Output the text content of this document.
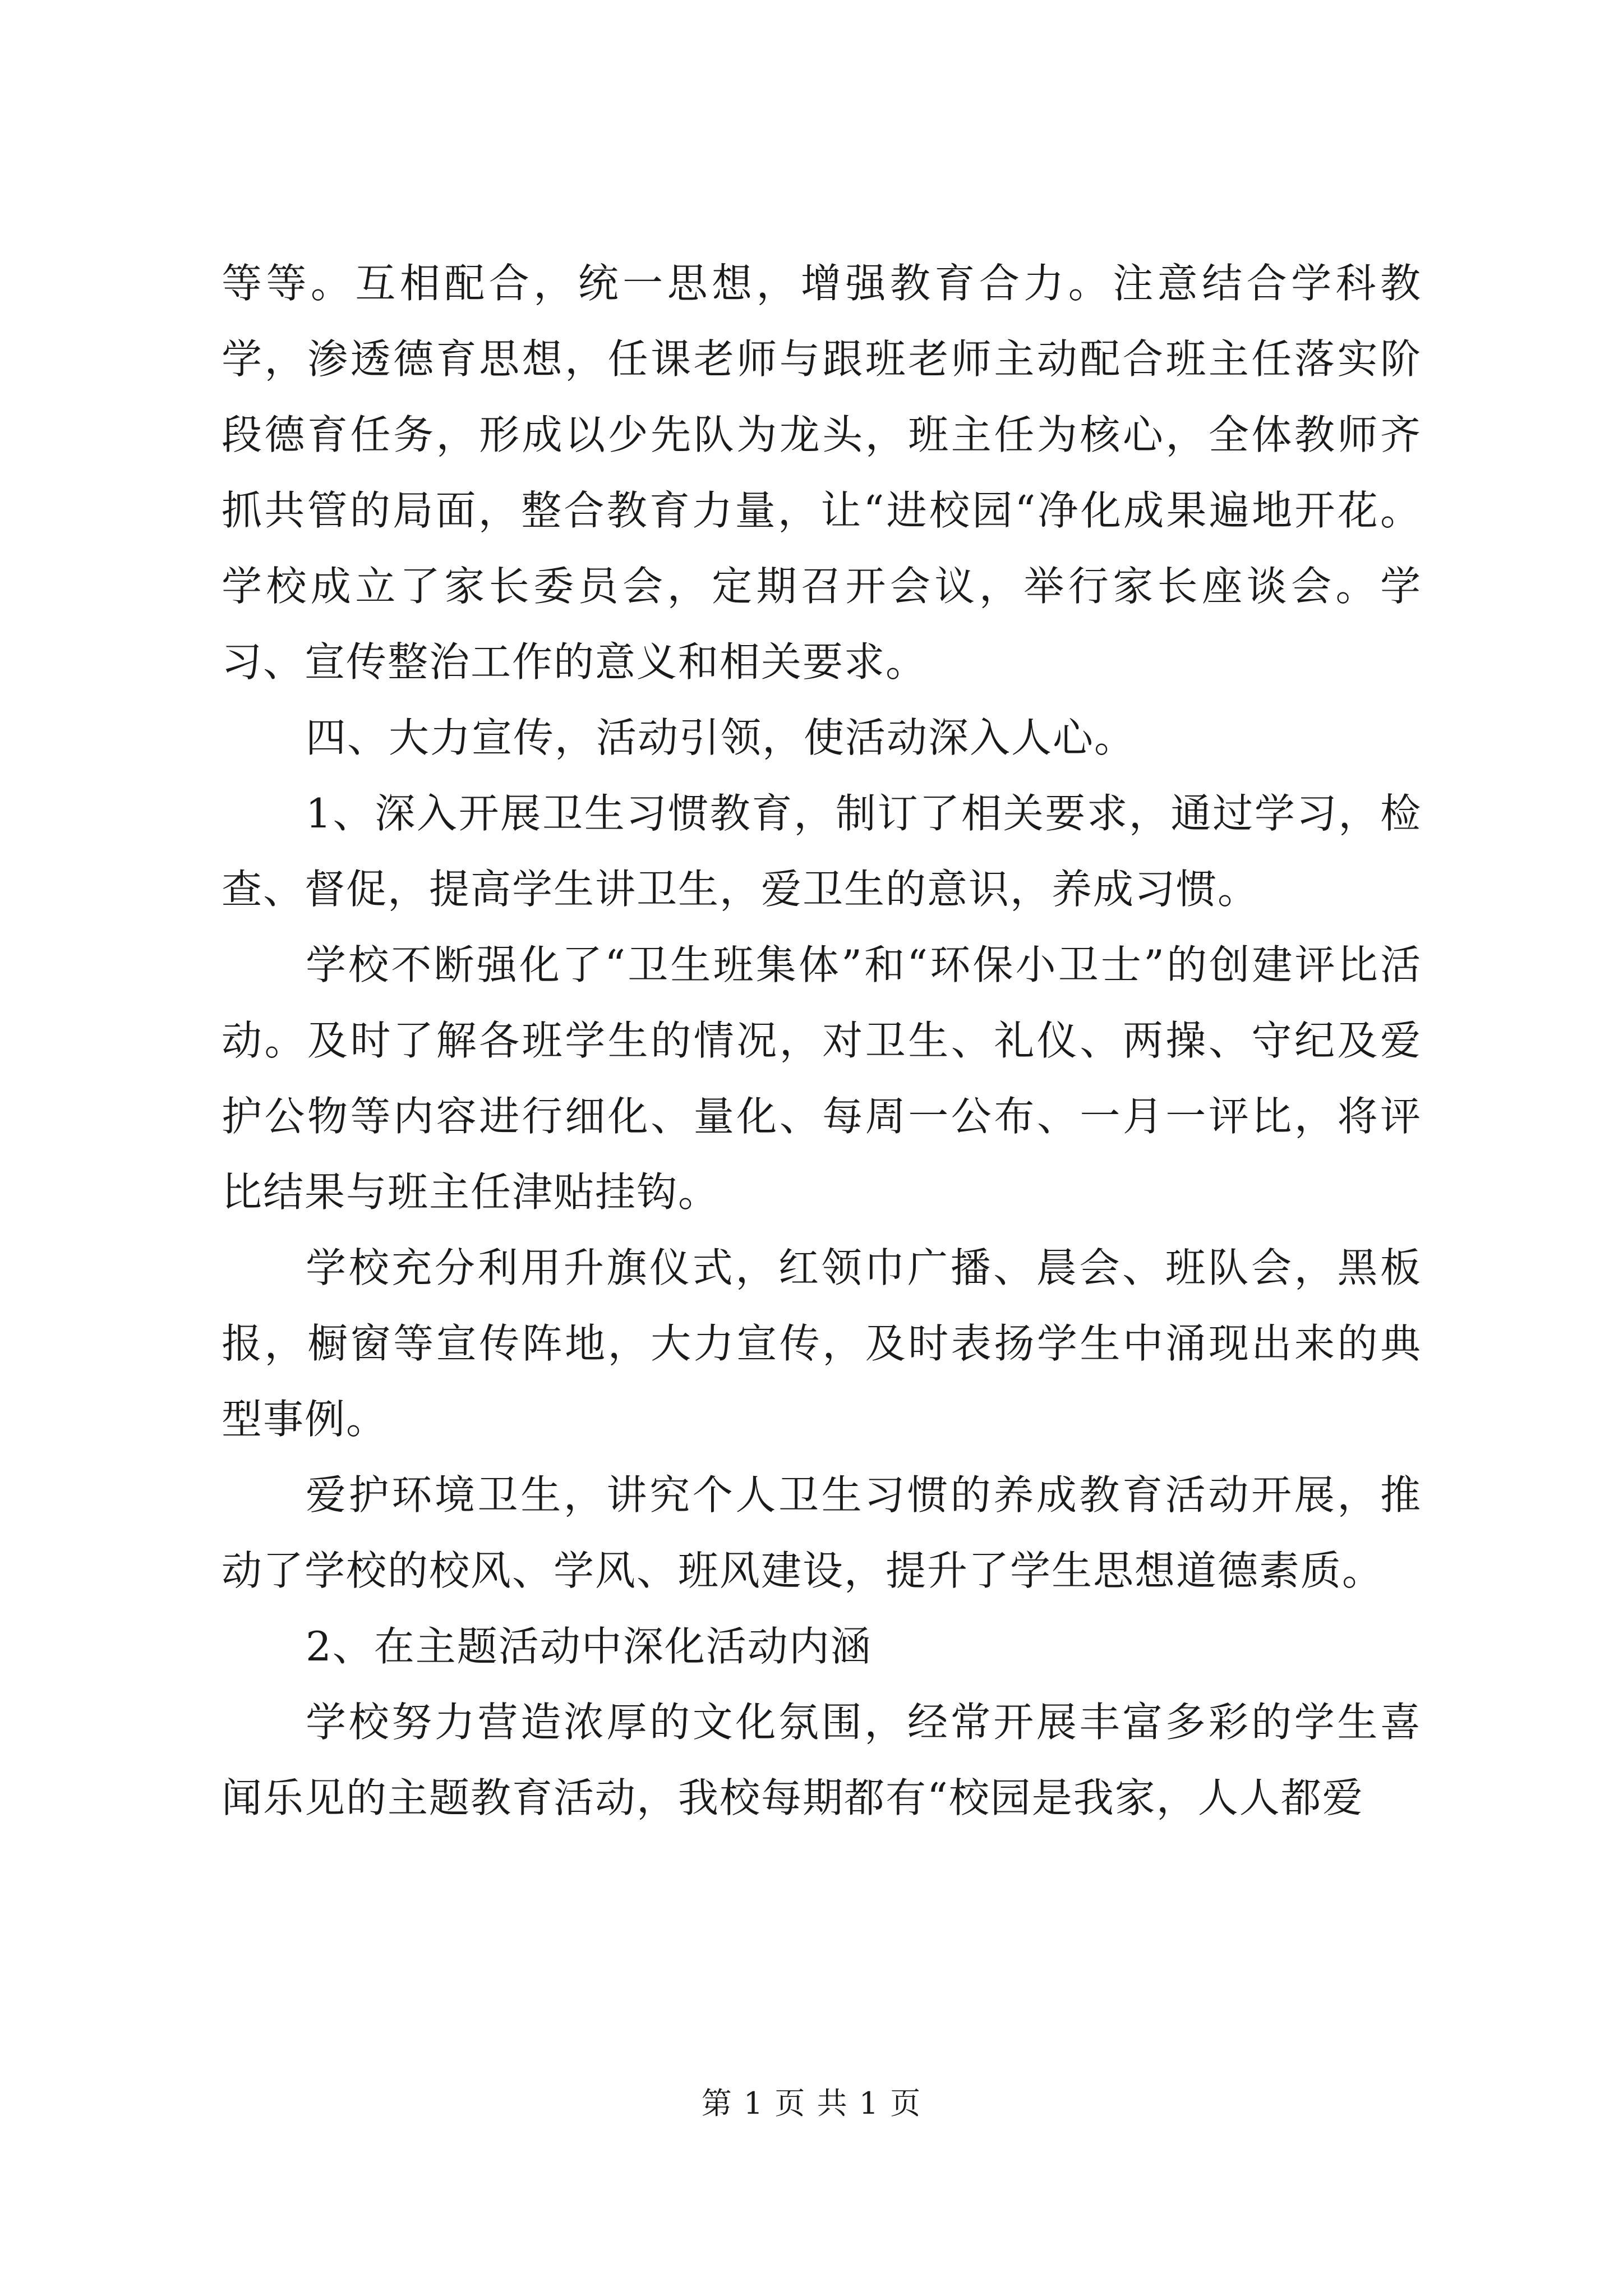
等等。互相配合，统一思想，增强教育合力。注意结合学科教学，渗透德育思想，任课老师与跟班老师主动配合班主任落实阶段德育任务，形成以少先队为龙头，班主任为核心，全体教师齐抓共管的局面，整合教育力量，让“进校园“净化成果遍地开花。学校成立了家长委员会，定期召开会议，举行家长座谈会。学习、宣传整治工作的意义和相关要求。

四、大力宣传，活动引领，使活动深入人心。

1、深入开展卫生习惯教育，制订了相关要求，通过学习，检查、督促，提高学生讲卫生，爱卫生的意识，养成习惯。

学校不断强化了“卫生班集体”和“环保小卫士”的创建评比活动。及时了解各班学生的情况，对卫生、礼仪、两操、守纪及爱护公物等内容进行细化、量化、每周一公布、一月一评比，将评比结果与班主任津贴挂钩。

学校充分利用升旗仪式，红领巾广播、晨会、班队会，黑板报，橱窗等宣传阵地，大力宣传，及时表扬学生中涌现出来的典型事例。

爱护环境卫生，讲究个人卫生习惯的养成教育活动开展，推动了学校的校风、学风、班风建设，提升了学生思想道德素质。

2、在主题活动中深化活动内涵

学校努力营造浓厚的文化氛围，经常开展丰富多彩的学生喜闻乐见的主题教育活动，我校每期都有“校园是我家，人人都爱

第 1 页 共 1 页
